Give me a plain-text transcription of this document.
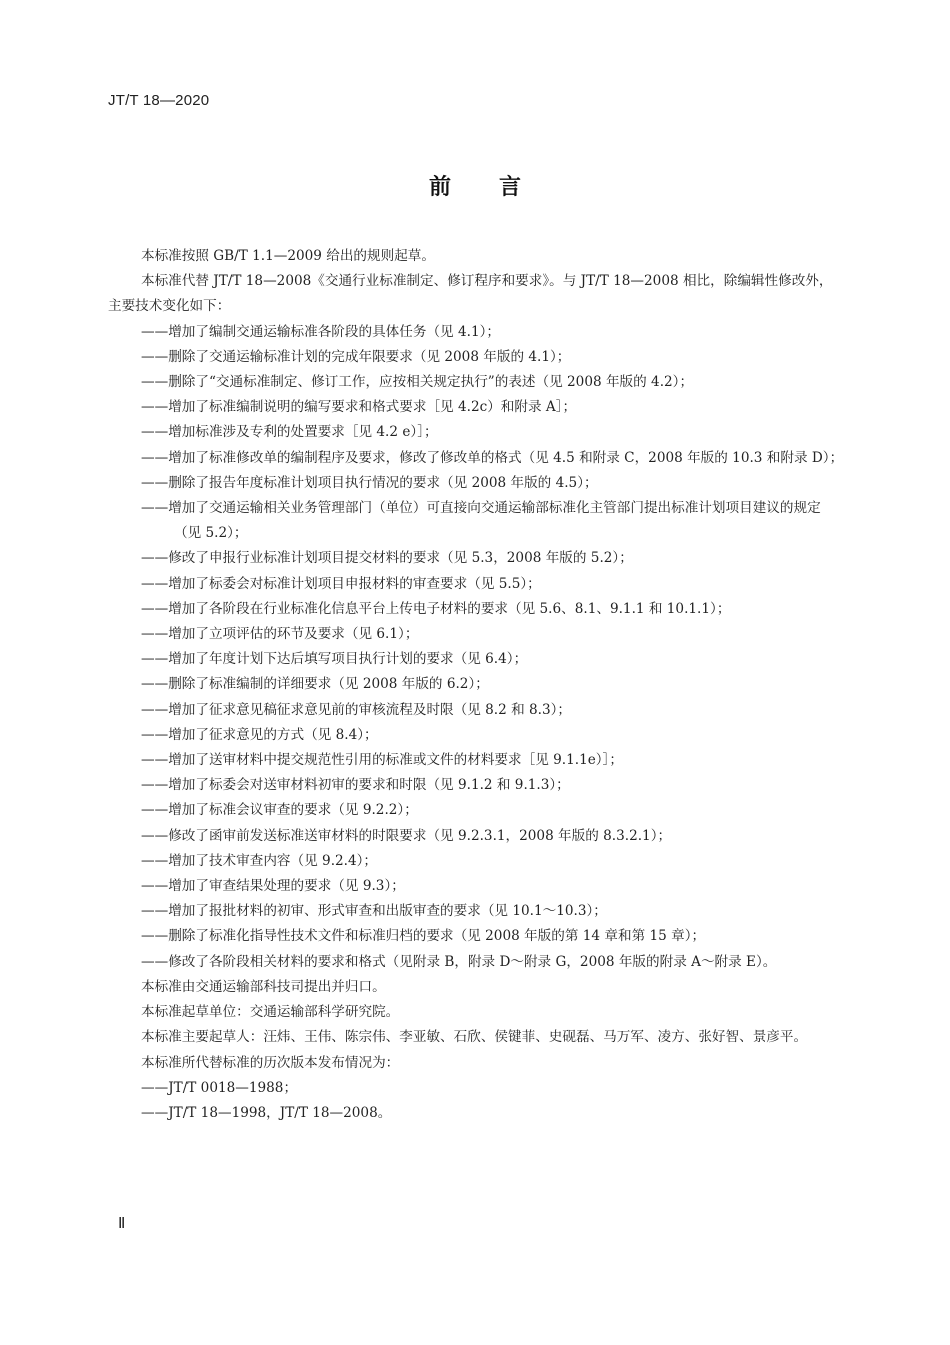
JT/T 18—2020
前言

本标准按照 GB/T 1.1—2009 给出的规则起草。

本标准代替 JT/T 18—2008《交通行业标准制定、修订程序和要求》。与 JT/T 18—2008 相比，除编辑性修改外，主要技术变化如下：

——增加了编制交通运输标准各阶段的具体任务（见 4.1）；

——删除了交通运输标准计划的完成年限要求（见 2008 年版的 4.1）；

——删除了“交通标准制定、修订工作，应按相关规定执行”的表述（见 2008 年版的 4.2）；

——增加了标准编制说明的编写要求和格式要求［见 4.2c）和附录 A］；

——增加标准涉及专利的处置要求［见 4.2 e）］；

——增加了标准修改单的编制程序及要求，修改了修改单的格式（见 4.5 和附录 C，2008 年版的 10.3 和附录 D）；

——删除了报告年度标准计划项目执行情况的要求（见 2008 年版的 4.5）；

——增加了交通运输相关业务管理部门（单位）可直接向交通运输部标准化主管部门提出标准计划项目建议的规定（见 5.2）；

——修改了申报行业标准计划项目提交材料的要求（见 5.3，2008 年版的 5.2）；

——增加了标委会对标准计划项目申报材料的审查要求（见 5.5）；

——增加了各阶段在行业标准化信息平台上传电子材料的要求（见 5.6、8.1、9.1.1 和 10.1.1）；

——增加了立项评估的环节及要求（见 6.1）；

——增加了年度计划下达后填写项目执行计划的要求（见 6.4）；

——删除了标准编制的详细要求（见 2008 年版的 6.2）；

——增加了征求意见稿征求意见前的审核流程及时限（见 8.2 和 8.3）；

——增加了征求意见的方式（见 8.4）；

——增加了送审材料中提交规范性引用的标准或文件的材料要求［见 9.1.1e）］；

——增加了标委会对送审材料初审的要求和时限（见 9.1.2 和 9.1.3）；

——增加了标准会议审查的要求（见 9.2.2）；

——修改了函审前发送标准送审材料的时限要求（见 9.2.3.1，2008 年版的 8.3.2.1）；

——增加了技术审查内容（见 9.2.4）；

——增加了审查结果处理的要求（见 9.3）；

——增加了报批材料的初审、形式审查和出版审查的要求（见 10.1～10.3）；

——删除了标准化指导性技术文件和标准归档的要求（见 2008 年版的第 14 章和第 15 章）；

——修改了各阶段相关材料的要求和格式（见附录 B，附录 D～附录 G，2008 年版的附录 A～附录 E）。

本标准由交通运输部科技司提出并归口。

本标准起草单位：交通运输部科学研究院。

本标准主要起草人：汪炜、王伟、陈宗伟、李亚敏、石欣、侯键菲、史砚磊、马万军、凌方、张好智、景彦平。

本标准所代替标准的历次版本发布情况为：

——JT/T 0018—1988；

——JT/T 18—1998，JT/T 18—2008。

Ⅱ
